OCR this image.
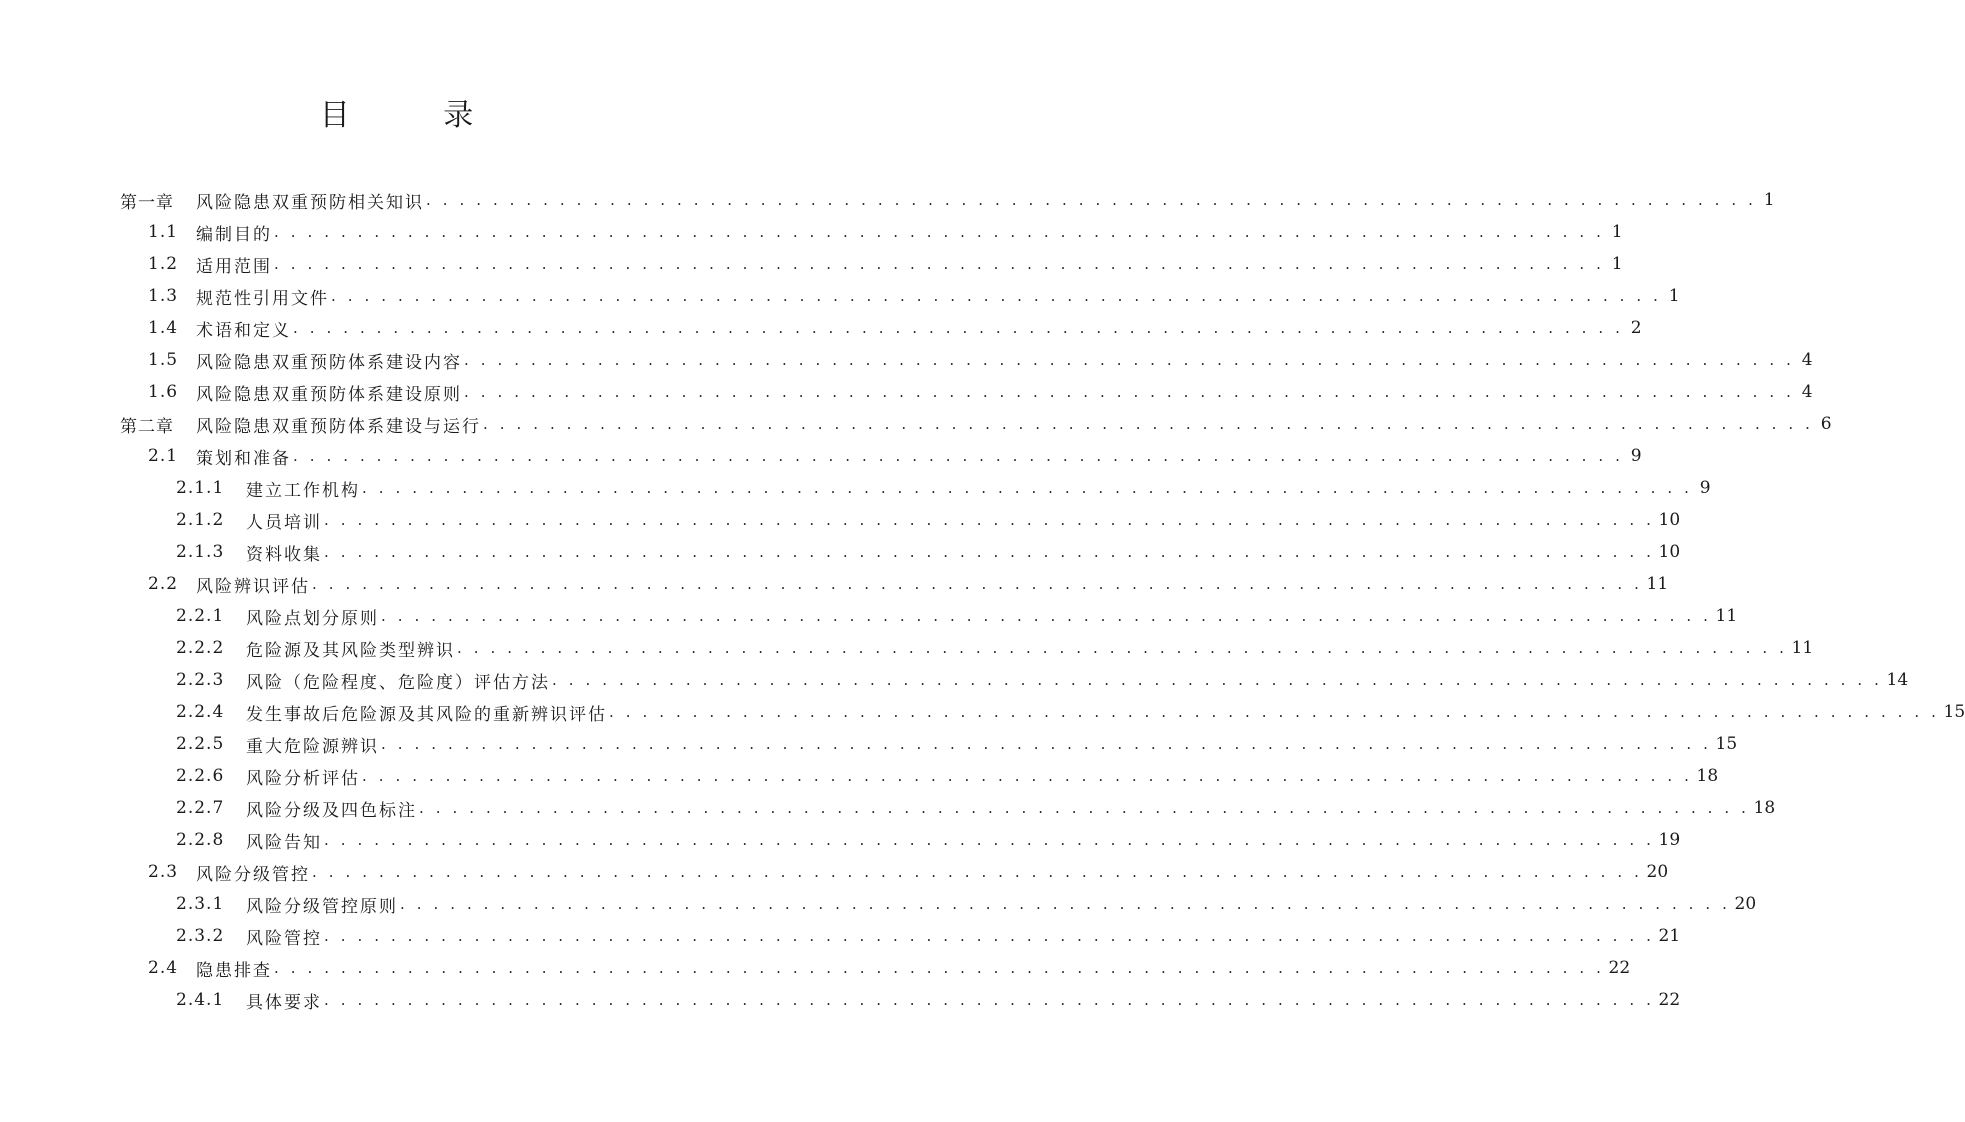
目 录
第一章	风险隐患双重预防相关知识 . . . . . . . . . . . . . . . . . . . . . . . . . . . . . . . . . . . . . . . . . . . . . . . . . . . . . . . . . . . . . . . . . . . . . . . . . . . . . . . . 1
1.1 编制目的 . . . . . . . . . . . . . . . . . . . . . . . . . . . . . . . . . . . . . . . . . . . . . . . . . . . . . . . . . . . . . . . . . . . . . . . . . . . . . . . . 1
1.2 适用范围 . . . . . . . . . . . . . . . . . . . . . . . . . . . . . . . . . . . . . . . . . . . . . . . . . . . . . . . . . . . . . . . . . . . . . . . . . . . . . . . . 1
1.3 规范性引用文件 . . . . . . . . . . . . . . . . . . . . . . . . . . . . . . . . . . . . . . . . . . . . . . . . . . . . . . . . . . . . . . . . . . . . . . . . . . . . . . . . 1
1.4 术语和定义 . . . . . . . . . . . . . . . . . . . . . . . . . . . . . . . . . . . . . . . . . . . . . . . . . . . . . . . . . . . . . . . . . . . . . . . . . . . . . . . . 2
1.5 风险隐患双重预防体系建设内容 . . . . . . . . . . . . . . . . . . . . . . . . . . . . . . . . . . . . . . . . . . . . . . . . . . . . . . . . . . . . . . . . . . . . . . . . . . . . . . . . 4
1.6 风险隐患双重预防体系建设原则 . . . . . . . . . . . . . . . . . . . . . . . . . . . . . . . . . . . . . . . . . . . . . . . . . . . . . . . . . . . . . . . . . . . . . . . . . . . . . . . . 4
第二章	风险隐患双重预防体系建设与运行 . . . . . . . . . . . . . . . . . . . . . . . . . . . . . . . . . . . . . . . . . . . . . . . . . . . . . . . . . . . . . . . . . . . . . . . . . . . . . . . . 6
2.1 策划和准备 . . . . . . . . . . . . . . . . . . . . . . . . . . . . . . . . . . . . . . . . . . . . . . . . . . . . . . . . . . . . . . . . . . . . . . . . . . . . . . . . 9
2.1.1 建立工作机构 . . . . . . . . . . . . . . . . . . . . . . . . . . . . . . . . . . . . . . . . . . . . . . . . . . . . . . . . . . . . . . . . . . . . . . . . . . . . . . . . 9
2.1.2 人员培训 . . . . . . . . . . . . . . . . . . . . . . . . . . . . . . . . . . . . . . . . . . . . . . . . . . . . . . . . . . . . . . . . . . . . . . . . . . . . . . . . 10
2.1.3 资料收集 . . . . . . . . . . . . . . . . . . . . . . . . . . . . . . . . . . . . . . . . . . . . . . . . . . . . . . . . . . . . . . . . . . . . . . . . . . . . . . . . 10
2.2 风险辨识评估 . . . . . . . . . . . . . . . . . . . . . . . . . . . . . . . . . . . . . . . . . . . . . . . . . . . . . . . . . . . . . . . . . . . . . . . . . . . . . . . . 11
2.2.1 风险点划分原则 . . . . . . . . . . . . . . . . . . . . . . . . . . . . . . . . . . . . . . . . . . . . . . . . . . . . . . . . . . . . . . . . . . . . . . . . . . . . . . . . 11
2.2.2 危险源及其风险类型辨识 . . . . . . . . . . . . . . . . . . . . . . . . . . . . . . . . . . . . . . . . . . . . . . . . . . . . . . . . . . . . . . . . . . . . . . . . . . . . . . . . 11
2.2.3 风险（危险程度、危险度）评估方法 . . . . . . . . . . . . . . . . . . . . . . . . . . . . . . . . . . . . . . . . . . . . . . . . . . . . . . . . . . . . . . . . . . . . . . . . . . . . . . . . 14
2.2.4 发生事故后危险源及其风险的重新辨识评估 . . . . . . . . . . . . . . . . . . . . . . . . . . . . . . . . . . . . . . . . . . . . . . . . . . . . . . . . . . . . . . . . . . . . . . . . . . . . . . . . 15
2.2.5 重大危险源辨识 . . . . . . . . . . . . . . . . . . . . . . . . . . . . . . . . . . . . . . . . . . . . . . . . . . . . . . . . . . . . . . . . . . . . . . . . . . . . . . . . 15
2.2.6 风险分析评估 . . . . . . . . . . . . . . . . . . . . . . . . . . . . . . . . . . . . . . . . . . . . . . . . . . . . . . . . . . . . . . . . . . . . . . . . . . . . . . . . 18
2.2.7 风险分级及四色标注 . . . . . . . . . . . . . . . . . . . . . . . . . . . . . . . . . . . . . . . . . . . . . . . . . . . . . . . . . . . . . . . . . . . . . . . . . . . . . . . . 18
2.2.8 风险告知 . . . . . . . . . . . . . . . . . . . . . . . . . . . . . . . . . . . . . . . . . . . . . . . . . . . . . . . . . . . . . . . . . . . . . . . . . . . . . . . . 19
2.3 风险分级管控 . . . . . . . . . . . . . . . . . . . . . . . . . . . . . . . . . . . . . . . . . . . . . . . . . . . . . . . . . . . . . . . . . . . . . . . . . . . . . . . . 20
2.3.1 风险分级管控原则 . . . . . . . . . . . . . . . . . . . . . . . . . . . . . . . . . . . . . . . . . . . . . . . . . . . . . . . . . . . . . . . . . . . . . . . . . . . . . . . . 20
2.3.2 风险管控 . . . . . . . . . . . . . . . . . . . . . . . . . . . . . . . . . . . . . . . . . . . . . . . . . . . . . . . . . . . . . . . . . . . . . . . . . . . . . . . . 21
2.4 隐患排查 . . . . . . . . . . . . . . . . . . . . . . . . . . . . . . . . . . . . . . . . . . . . . . . . . . . . . . . . . . . . . . . . . . . . . . . . . . . . . . . . 22
2.4.1 具体要求 . . . . . . . . . . . . . . . . . . . . . . . . . . . . . . . . . . . . . . . . . . . . . . . . . . . . . . . . . . . . . . . . . . . . . . . . . . . . . . . . 22
